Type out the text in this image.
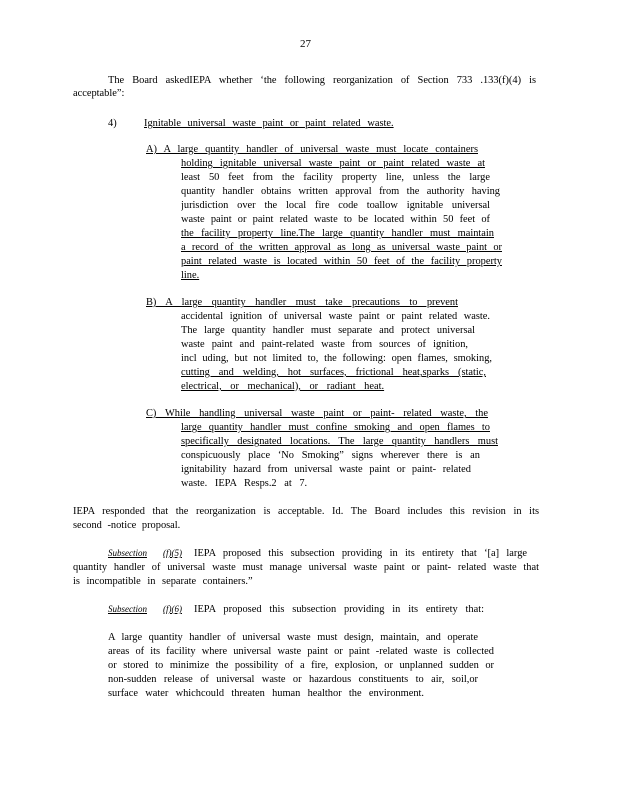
27
The Board askedIEPA whether ‘the following reorganization of Section 733 .133(f)(4) is
acceptable”:
4)	Ignitable universal waste paint or paint related waste.
A) A large quantity handler of universal waste must locate containers
holding ignitable universal waste paint or paint related waste at
least 50 feet from the facility property line, unless the large
quantity handler obtains written approval from the authority having
jurisdiction over the local fire code toallow ignitable universal
waste paint or paint related waste to be located within 50 feet of
the facility property line.The large quantity handler must maintain
a record of the written approval as long as universal waste paint or
paint related waste is located within 50 feet of the facility property
line.
B) A large quantity handler must take precautions to prevent
accidental ignition of universal waste paint or paint related waste.
The large quantity handler must separate and protect universal
waste paint and paint-related waste from sources of ignition,
incl uding, but not limited to, the following: open flames, smoking,
cutting and welding, hot surfaces, frictional heat,sparks (static,
electrical, or mechanical), or radiant heat.
C) While handling universal waste paint or paint- related waste, the
large quantity handler must confine smoking and open flames to
specifically designated locations. The large quantity handlers must
conspicuously place ‘No Smoking” signs wherever there is an
ignitability hazard from universal waste paint or paint- related
waste. IEPA Resps.2 at 7.
IEPA responded that the reorganization is acceptable. Id. The Board includes this revision in its
second -notice proposal.
Subsection (f)(5) IEPA proposed this subsection providing in its entirety that ‘[a] large
quantity handler of universal waste must manage universal waste paint or paint- related waste that
is incompatible in separate containers.”
Subsection (f)(6) IEPA proposed this subsection providing in its entirety that:
A large quantity handler of universal waste must design, maintain, and operate
areas of its facility where universal waste paint or paint -related waste is collected
or stored to minimize the possibility of a fire, explosion, or unplanned sudden or
non-sudden release of universal waste or hazardous constituents to air, soil,or
surface water whichcould threaten human healthor the environment.
